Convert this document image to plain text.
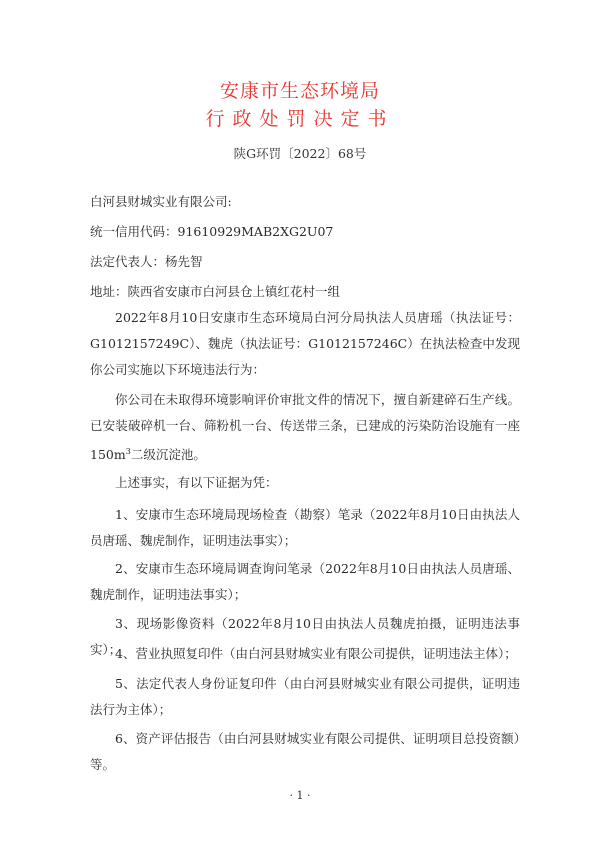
安康市生态环境局
行政处罚决定书
陕G环罚〔2022〕68号
白河县财城实业有限公司:
统一信用代码：91610929MAB2XG2U07
法定代表人：杨先智
地址：陕西省安康市白河县仓上镇红花村一组
2022年8月10日安康市生态环境局白河分局执法人员唐瑶（执法证号：G1012157249C）、魏虎（执法证号：G1012157246C）在执法检查中发现你公司实施以下环境违法行为：
你公司在未取得环境影响评价审批文件的情况下，擅自新建碎石生产线。已安装破碎机一台、筛粉机一台、传送带三条，已建成的污染防治设施有一座$150m^3$二级沉淀池。
上述事实，有以下证据为凭：
1、安康市生态环境局现场检查（勘察）笔录（2022年8月10日由执法人员唐瑶、魏虎制作，证明违法事实）；
2、安康市生态环境局调查询问笔录（2022年8月10日由执法人员唐瑶、魏虎制作，证明违法事实）；
3、现场影像资料（2022年8月10日由执法人员魏虎拍摄，证明违法事实）；
4、营业执照复印件（由白河县财城实业有限公司提供，证明违法主体）；
5、法定代表人身份证复印件（由白河县财城实业有限公司提供，证明违法行为主体）；
6、资产评估报告（由白河县财城实业有限公司提供、证明项目总投资额）等。
· 1 ·
